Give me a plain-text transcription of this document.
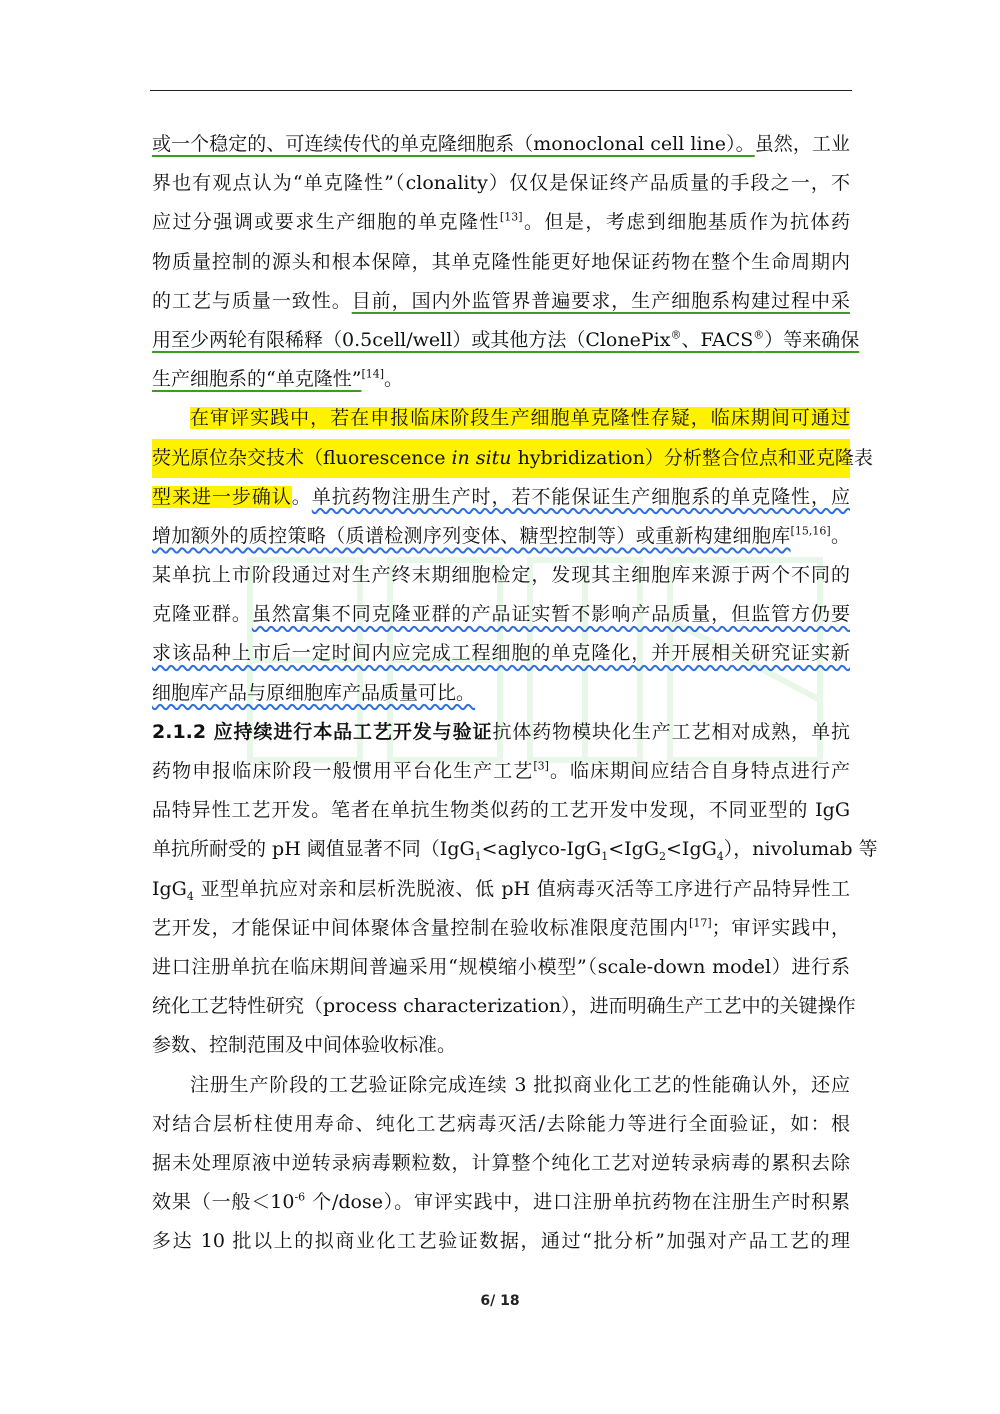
或一个稳定的、可连续传代的单克隆细胞系（monoclonal cell line）。虽然，工业
界也有观点认为“单克隆性”（clonality）仅仅是保证终产品质量的手段之一，不
应过分强调或要求生产细胞的单克隆性[13]。但是，考虑到细胞基质作为抗体药
物质量控制的源头和根本保障，其单克隆性能更好地保证药物在整个生命周期内
的工艺与质量一致性。目前，国内外监管界普遍要求，生产细胞系构建过程中采
用至少两轮有限稀释（0.5cell/well）或其他方法（ClonePix®、FACS®）等来确保
生产细胞系的“单克隆性”[14]。
在审评实践中，若在申报临床阶段生产细胞单克隆性存疑，临床期间可通过
荧光原位杂交技术（fluorescence in situ hybridization）分析整合位点和亚克隆表
型来进一步确认。单抗药物注册生产时，若不能保证生产细胞系的单克隆性，应
增加额外的质控策略（质谱检测序列变体、糖型控制等）或重新构建细胞库[15,16]。
某单抗上市阶段通过对生产终末期细胞检定，发现其主细胞库来源于两个不同的
克隆亚群。虽然富集不同克隆亚群的产品证实暂不影响产品质量，但监管方仍要
求该品种上市后一定时间内应完成工程细胞的单克隆化，并开展相关研究证实新
细胞库产品与原细胞库产品质量可比。
2.1.2 应持续进行本品工艺开发与验证抗体药物模块化生产工艺相对成熟，单抗
药物申报临床阶段一般惯用平台化生产工艺[3]。临床期间应结合自身特点进行产
品特异性工艺开发。笔者在单抗生物类似药的工艺开发中发现，不同亚型的 IgG
单抗所耐受的 pH 阈值显著不同（IgG$_1$<aglyco-IgG$_1$<IgG$_2$<IgG$_4$），nivolumab 等
IgG$_4$ 亚型单抗应对亲和层析洗脱液、低 pH 值病毒灭活等工序进行产品特异性工
艺开发，才能保证中间体聚体含量控制在验收标准限度范围内[17]；审评实践中，
进口注册单抗在临床期间普遍采用“规模缩小模型”（scale-down model）进行系
统化工艺特性研究（process characterization），进而明确生产工艺中的关键操作
参数、控制范围及中间体验收标准。
注册生产阶段的工艺验证除完成连续 3 批拟商业化工艺的性能确认外，还应
对结合层析柱使用寿命、纯化工艺病毒灭活/去除能力等进行全面验证，如：根
据未处理原液中逆转录病毒颗粒数，计算整个纯化工艺对逆转录病毒的累积去除
效果（一般$<10^{-6}$ 个/dose）。审评实践中，进口注册单抗药物在注册生产时积累
多达 10 批以上的拟商业化工艺验证数据，通过“批分析”加强对产品工艺的理
6/ 18
